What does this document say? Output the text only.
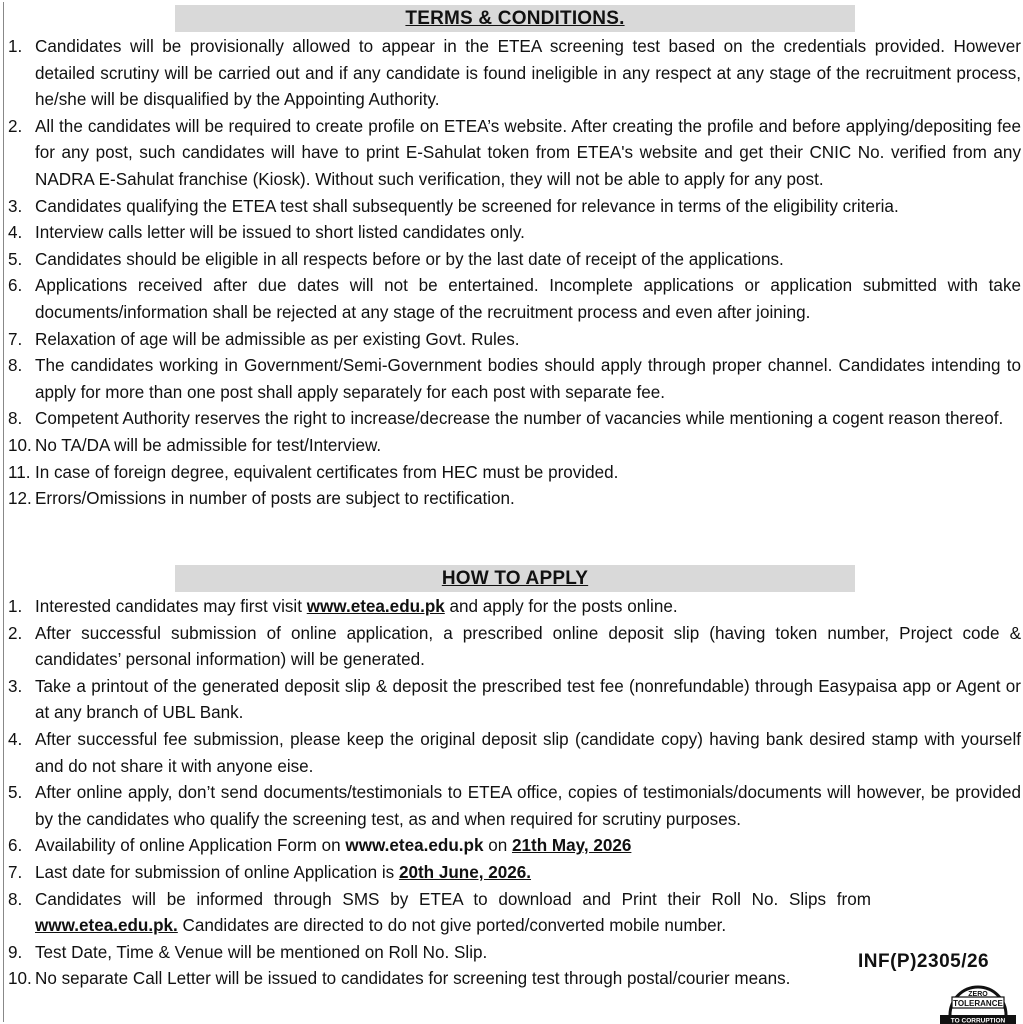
TERMS & CONDITIONS.
1. Candidates will be provisionally allowed to appear in the ETEA screening test based on the credentials provided. However detailed scrutiny will be carried out and if any candidate is found ineligible in any respect at any stage of the recruitment process, he/she will be disqualified by the Appointing Authority.
2. All the candidates will be required to create profile on ETEA’s website. After creating the profile and before applying/depositing fee for any post, such candidates will have to print E-Sahulat token from ETEA's website and get their CNIC No. verified from any NADRA E-Sahulat franchise (Kiosk). Without such verification, they will not be able to apply for any post.
3. Candidates qualifying the ETEA test shall subsequently be screened for relevance in terms of the eligibility criteria.
4. Interview calls letter will be issued to short listed candidates only.
5. Candidates should be eligible in all respects before or by the last date of receipt of the applications.
6. Applications received after due dates will not be entertained. Incomplete applications or application submitted with take documents/information shall be rejected at any stage of the recruitment process and even after joining.
7. Relaxation of age will be admissible as per existing Govt. Rules.
8. The candidates working in Government/Semi-Government bodies should apply through proper channel. Candidates intending to apply for more than one post shall apply separately for each post with separate fee.
8. Competent Authority reserves the right to increase/decrease the number of vacancies while mentioning a cogent reason thereof.
10. No TA/DA will be admissible for test/Interview.
11. In case of foreign degree, equivalent certificates from HEC must be provided.
12. Errors/Omissions in number of posts are subject to rectification.
HOW TO APPLY
1. Interested candidates may first visit www.etea.edu.pk and apply for the posts online.
2. After successful submission of online application, a prescribed online deposit slip (having token number, Project code & candidates’ personal information) will be generated.
3. Take a printout of the generated deposit slip & deposit the prescribed test fee (nonrefundable) through Easypaisa app or Agent or at any branch of UBL Bank.
4. After successful fee submission, please keep the original deposit slip (candidate copy) having bank desired stamp with yourself and do not share it with anyone eise.
5. After online apply, don’t send documents/testimonials to ETEA office, copies of testimonials/documents will however, be provided by the candidates who qualify the screening test, as and when required for scrutiny purposes.
6. Availability of online Application Form on www.etea.edu.pk on 21th May, 2026
7. Last date for submission of online Application is 20th June, 2026.
8. Candidates will be informed through SMS by ETEA to download and Print their Roll No. Slips from www.etea.edu.pk. Candidates are directed to do not give ported/converted mobile number.
9. Test Date, Time & Venue will be mentioned on Roll No. Slip.
10. No separate Call Letter will be issued to candidates for screening test through postal/courier means.
INF(P)2305/26
ZERO
TOLERANCE
TO CORRUPTION
